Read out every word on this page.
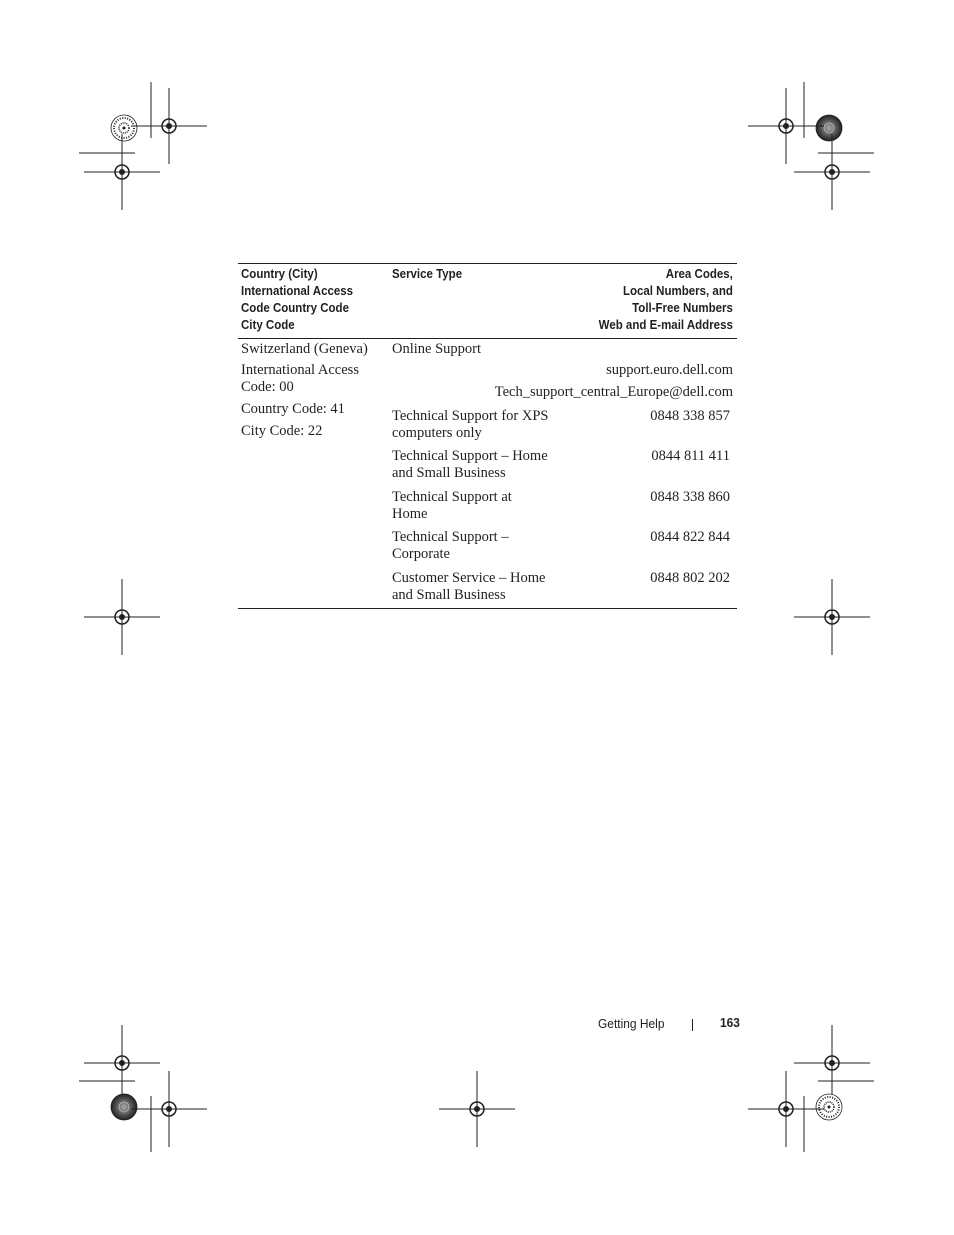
Country (City)
International Access
Code Country Code
City Code
Service Type	Area Codes,
Local Numbers, and
Toll-Free Numbers
Web and E-mail Address
Switzerland (Geneva)
International Access
Code: 00
Country Code: 41
City Code: 22
Online Support
support.euro.dell.com
Tech_support_central_Europe@dell.com
Technical Support for XPS
computers only
0848 338 857
Technical Support – Home
and Small Business
0844 811 411
Technical Support at
Home
0848 338 860
Technical Support –
Corporate
0844 822 844
Customer Service – Home
and Small Business
0848 802 202
Getting Help	163
